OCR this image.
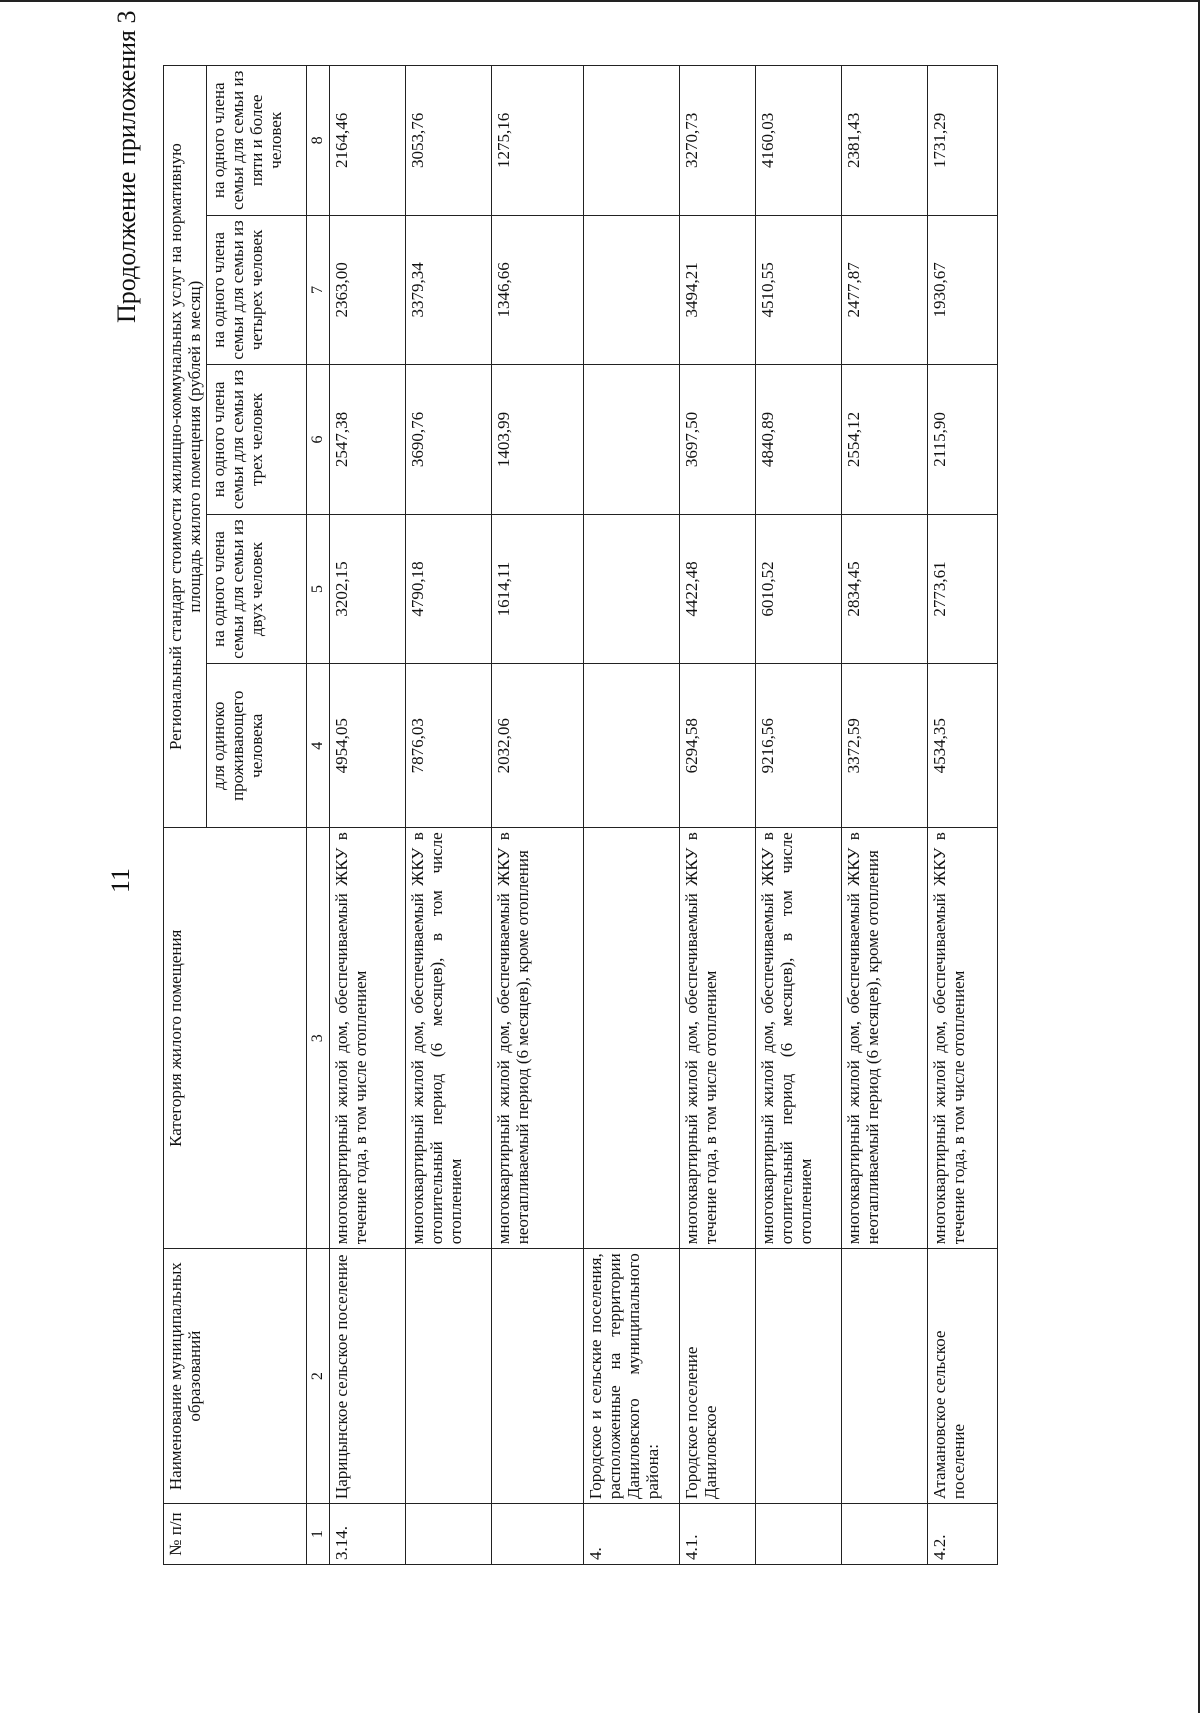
11
Продолжение приложения 3
№ п/п	Наименование муниципальных образований	Категория жилого помещения	Региональный стандарт стоимости жилищно-коммунальных услуг на нормативную площадь жилого помещения (рублей в месяц)				
			для одиноко проживающего человека	на одного члена семьи для семьи из двух человек	на одного члена семьи для семьи из трех человек	на одного члена семьи для семьи из четырех человек	на одного члена семьи для семьи из пяти и более человек
1	2	3	4	5	6	7	8
3.14.	Царицынское сельское поселение	многоквартирный жилой дом, обеспечиваемый ЖКУ в течение года, в том числе отоплением	4954,05	3202,15	2547,38	2363,00	2164,46
		многоквартирный жилой дом, обеспечиваемый ЖКУ в отопительный период (6 месяцев), в том числе отоплением	7876,03	4790,18	3690,76	3379,34	3053,76
		многоквартирный жилой дом, обеспечиваемый ЖКУ в неотапливаемый период (6 месяцев), кроме отопления	2032,06	1614,11	1403,99	1346,66	1275,16
4.	Городское и сельские поселения, расположенные на территории Даниловского муниципального района:						
4.1.	Городское поселение Даниловское	многоквартирный жилой дом, обеспечиваемый ЖКУ в течение года, в том числе отоплением	6294,58	4422,48	3697,50	3494,21	3270,73
		многоквартирный жилой дом, обеспечиваемый ЖКУ в отопительный период (6 месяцев), в том числе отоплением	9216,56	6010,52	4840,89	4510,55	4160,03
		многоквартирный жилой дом, обеспечиваемый ЖКУ в неотапливаемый период (6 месяцев), кроме отопления	3372,59	2834,45	2554,12	2477,87	2381,43
4.2.	Атамановское сельское поселение	многоквартирный жилой дом, обеспечиваемый ЖКУ в течение года, в том числе отоплением	4534,35	2773,61	2115,90	1930,67	1731,29
